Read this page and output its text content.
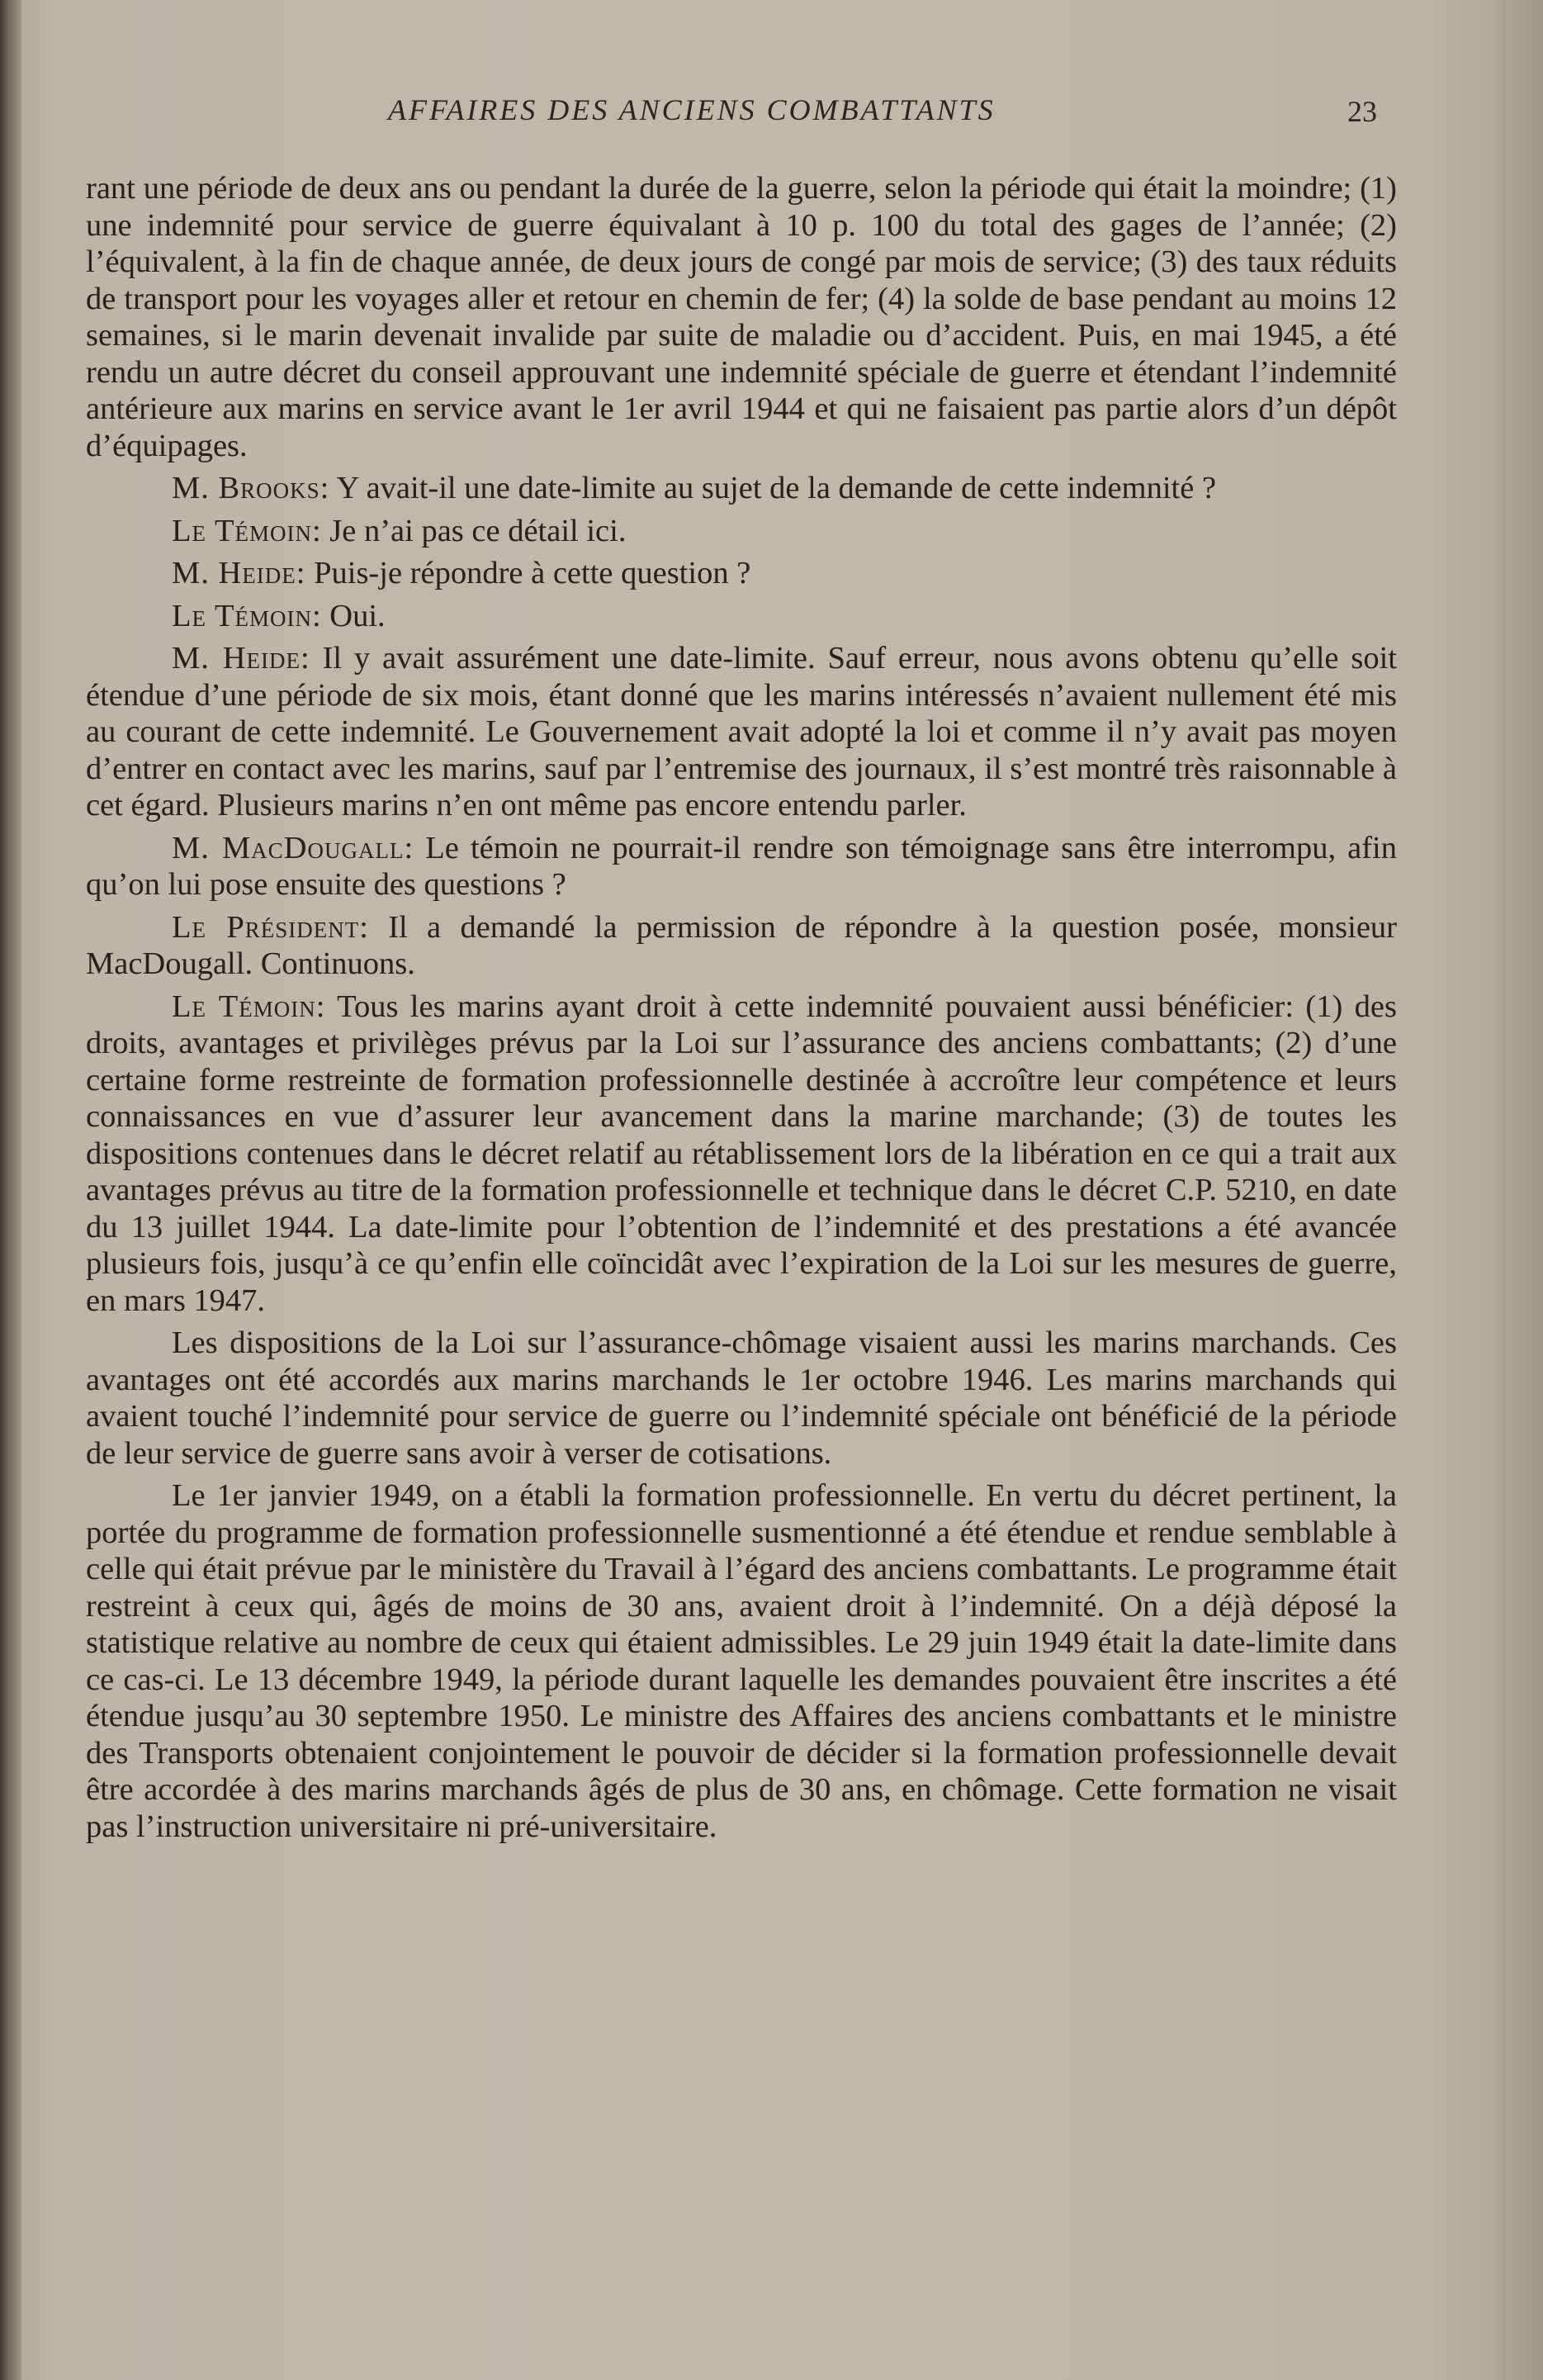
AFFAIRES DES ANCIENS COMBATTANTS	23

rant une période de deux ans ou pendant la durée de la guerre, selon la période qui était la moindre; (1) une indemnité pour service de guerre équivalant à 10 p. 100 du total des gages de l’année; (2) l’équivalent, à la fin de chaque année, de deux jours de congé par mois de service; (3) des taux réduits de transport pour les voyages aller et retour en chemin de fer; (4) la solde de base pendant au moins 12 semaines, si le marin devenait invalide par suite de maladie ou d’accident. Puis, en mai 1945, a été rendu un autre décret du conseil approuvant une indemnité spéciale de guerre et étendant l’indemnité antérieure aux marins en service avant le 1er avril 1944 et qui ne faisaient pas partie alors d’un dépôt d’équipages.

M. Brooks: Y avait-il une date-limite au sujet de la demande de cette indemnité ?

Le Témoin: Je n’ai pas ce détail ici.

M. Heide: Puis-je répondre à cette question ?

Le Témoin: Oui.

M. Heide: Il y avait assurément une date-limite. Sauf erreur, nous avons obtenu qu’elle soit étendue d’une période de six mois, étant donné que les marins intéressés n’avaient nullement été mis au courant de cette indemnité. Le Gouvernement avait adopté la loi et comme il n’y avait pas moyen d’entrer en contact avec les marins, sauf par l’entremise des journaux, il s’est montré très raisonnable à cet égard. Plusieurs marins n’en ont même pas encore entendu parler.

M. MacDougall: Le témoin ne pourrait-il rendre son témoignage sans être interrompu, afin qu’on lui pose ensuite des questions ?

Le Président: Il a demandé la permission de répondre à la question posée, monsieur MacDougall. Continuons.

Le Témoin: Tous les marins ayant droit à cette indemnité pouvaient aussi bénéficier: (1) des droits, avantages et privilèges prévus par la Loi sur l’assurance des anciens combattants; (2) d’une certaine forme restreinte de formation professionnelle destinée à accroître leur compétence et leurs connaissances en vue d’assurer leur avancement dans la marine marchande; (3) de toutes les dispositions contenues dans le décret relatif au rétablissement lors de la libération en ce qui a trait aux avantages prévus au titre de la formation professionnelle et technique dans le décret C.P. 5210, en date du 13 juillet 1944. La date-limite pour l’obtention de l’indemnité et des prestations a été avancée plusieurs fois, jusqu’à ce qu’enfin elle coïncidât avec l’expiration de la Loi sur les mesures de guerre, en mars 1947.

Les dispositions de la Loi sur l’assurance-chômage visaient aussi les marins marchands. Ces avantages ont été accordés aux marins marchands le 1er octobre 1946. Les marins marchands qui avaient touché l’indemnité pour service de guerre ou l’indemnité spéciale ont bénéficié de la période de leur service de guerre sans avoir à verser de cotisations.

Le 1er janvier 1949, on a établi la formation professionnelle. En vertu du décret pertinent, la portée du programme de formation professionnelle susmentionné a été étendue et rendue semblable à celle qui était prévue par le ministère du Travail à l’égard des anciens combattants. Le programme était restreint à ceux qui, âgés de moins de 30 ans, avaient droit à l’indemnité. On a déjà déposé la statistique relative au nombre de ceux qui étaient admissibles. Le 29 juin 1949 était la date-limite dans ce cas-ci. Le 13 décembre 1949, la période durant laquelle les demandes pouvaient être inscrites a été étendue jusqu’au 30 septembre 1950. Le ministre des Affaires des anciens combattants et le ministre des Transports obtenaient conjointement le pouvoir de décider si la formation professionnelle devait être accordée à des marins marchands âgés de plus de 30 ans, en chômage. Cette formation ne visait pas l’instruction universitaire ni pré-universitaire.
